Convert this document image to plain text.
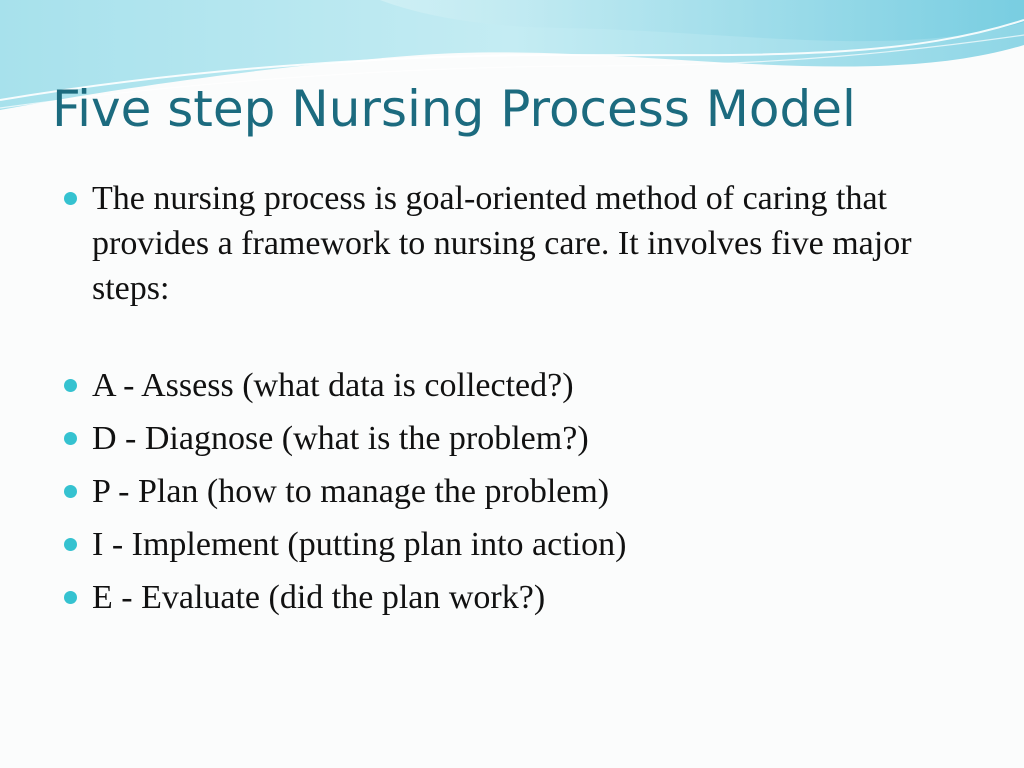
Five step Nursing Process Model
The nursing process is goal-oriented method of caring that provides a framework to nursing care. It involves five major steps:
A - Assess (what data is collected?)
D - Diagnose (what is the problem?)
P - Plan (how to manage the problem)
I - Implement (putting plan into action)
E - Evaluate (did the plan work?)
